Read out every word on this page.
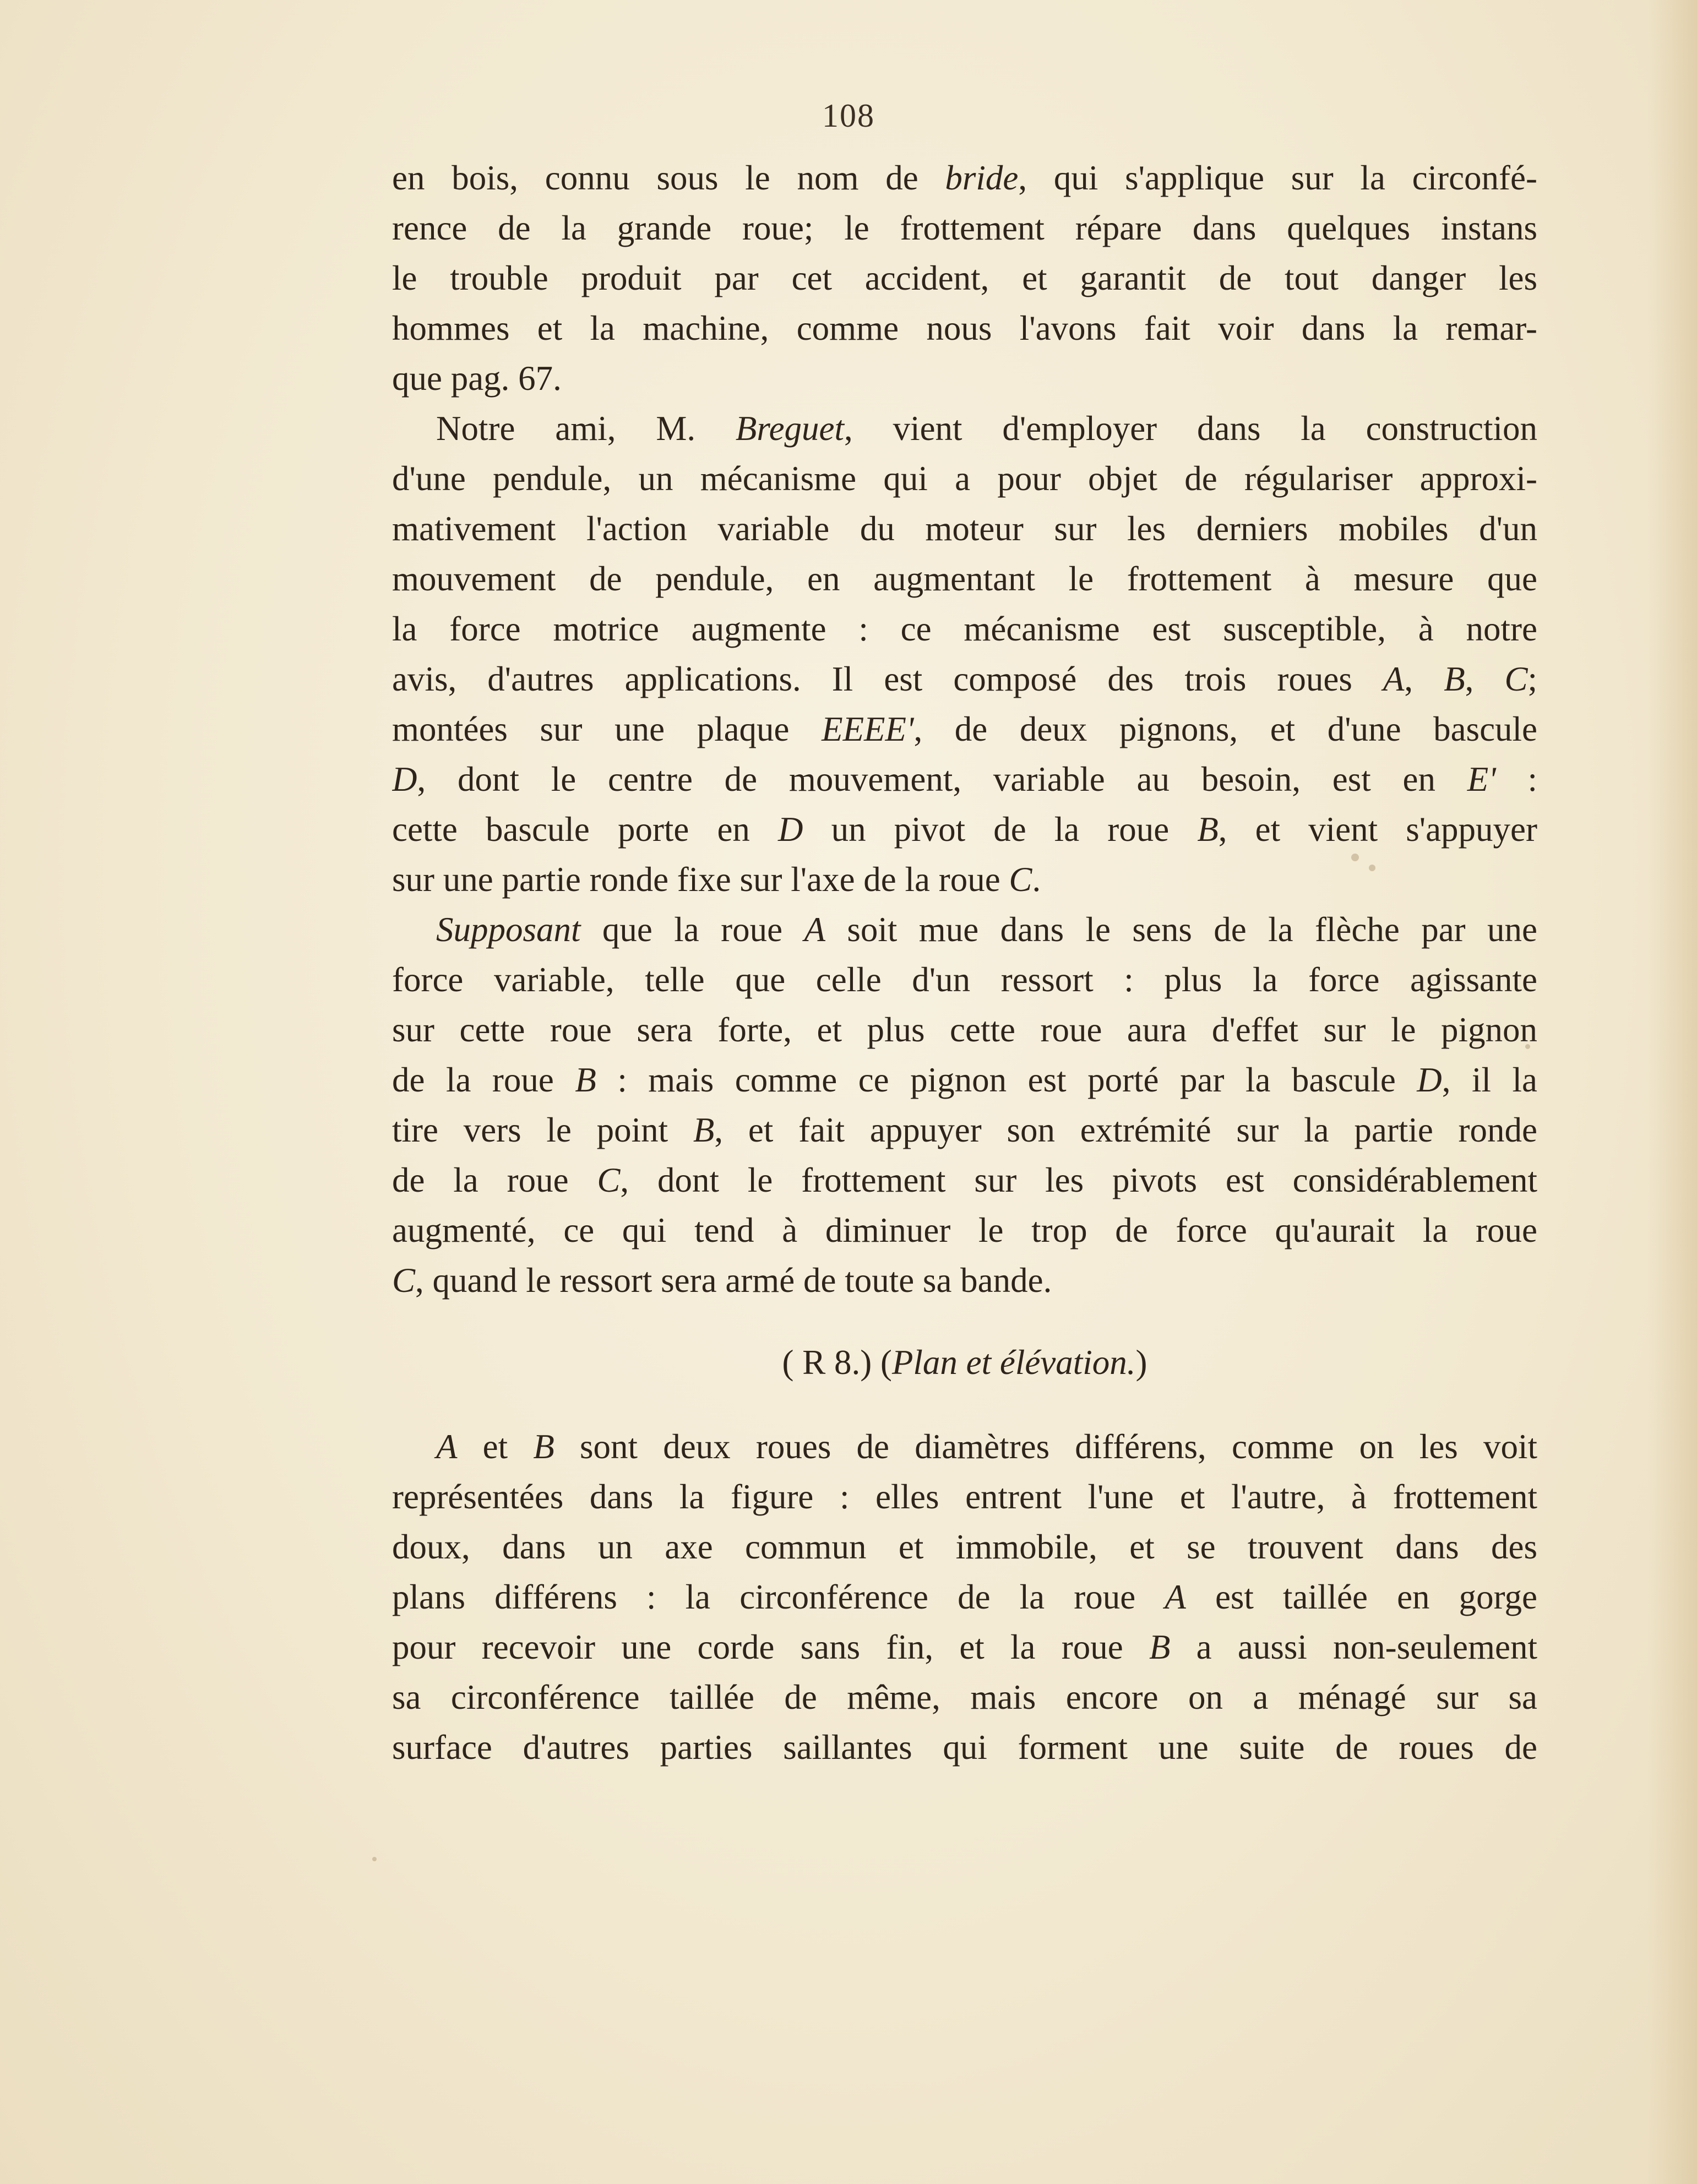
108
en bois, connu sous le nom de bride, qui s'applique sur la circonfé-
rence de la grande roue; le frottement répare dans quelques instans
le trouble produit par cet accident, et garantit de tout danger les
hommes et la machine, comme nous l'avons fait voir dans la remar-
que pag. 67.
Notre ami, M. Breguet, vient d'employer dans la construction
d'une pendule, un mécanisme qui a pour objet de régulariser approxi-
mativement l'action variable du moteur sur les derniers mobiles d'un
mouvement de pendule, en augmentant le frottement à mesure que
la force motrice augmente : ce mécanisme est susceptible, à notre
avis, d'autres applications. Il est composé des trois roues A, B, C;
montées sur une plaque EEEE', de deux pignons, et d'une bascule
D, dont le centre de mouvement, variable au besoin, est en E' :
cette bascule porte en D un pivot de la roue B, et vient s'appuyer
sur une partie ronde fixe sur l'axe de la roue C.
Supposant que la roue A soit mue dans le sens de la flèche par une
force variable, telle que celle d'un ressort : plus la force agissante
sur cette roue sera forte, et plus cette roue aura d'effet sur le pignon
de la roue B : mais comme ce pignon est porté par la bascule D, il la
tire vers le point B, et fait appuyer son extrémité sur la partie ronde
de la roue C, dont le frottement sur les pivots est considérablement
augmenté, ce qui tend à diminuer le trop de force qu'aurait la roue
C, quand le ressort sera armé de toute sa bande.
( R 8.) (Plan et élévation.)
A et B sont deux roues de diamètres différens, comme on les voit
représentées dans la figure : elles entrent l'une et l'autre, à frottement
doux, dans un axe commun et immobile, et se trouvent dans des
plans différens : la circonférence de la roue A est taillée en gorge
pour recevoir une corde sans fin, et la roue B a aussi non-seulement
sa circonférence taillée de même, mais encore on a ménagé sur sa
surface d'autres parties saillantes qui forment une suite de roues de
